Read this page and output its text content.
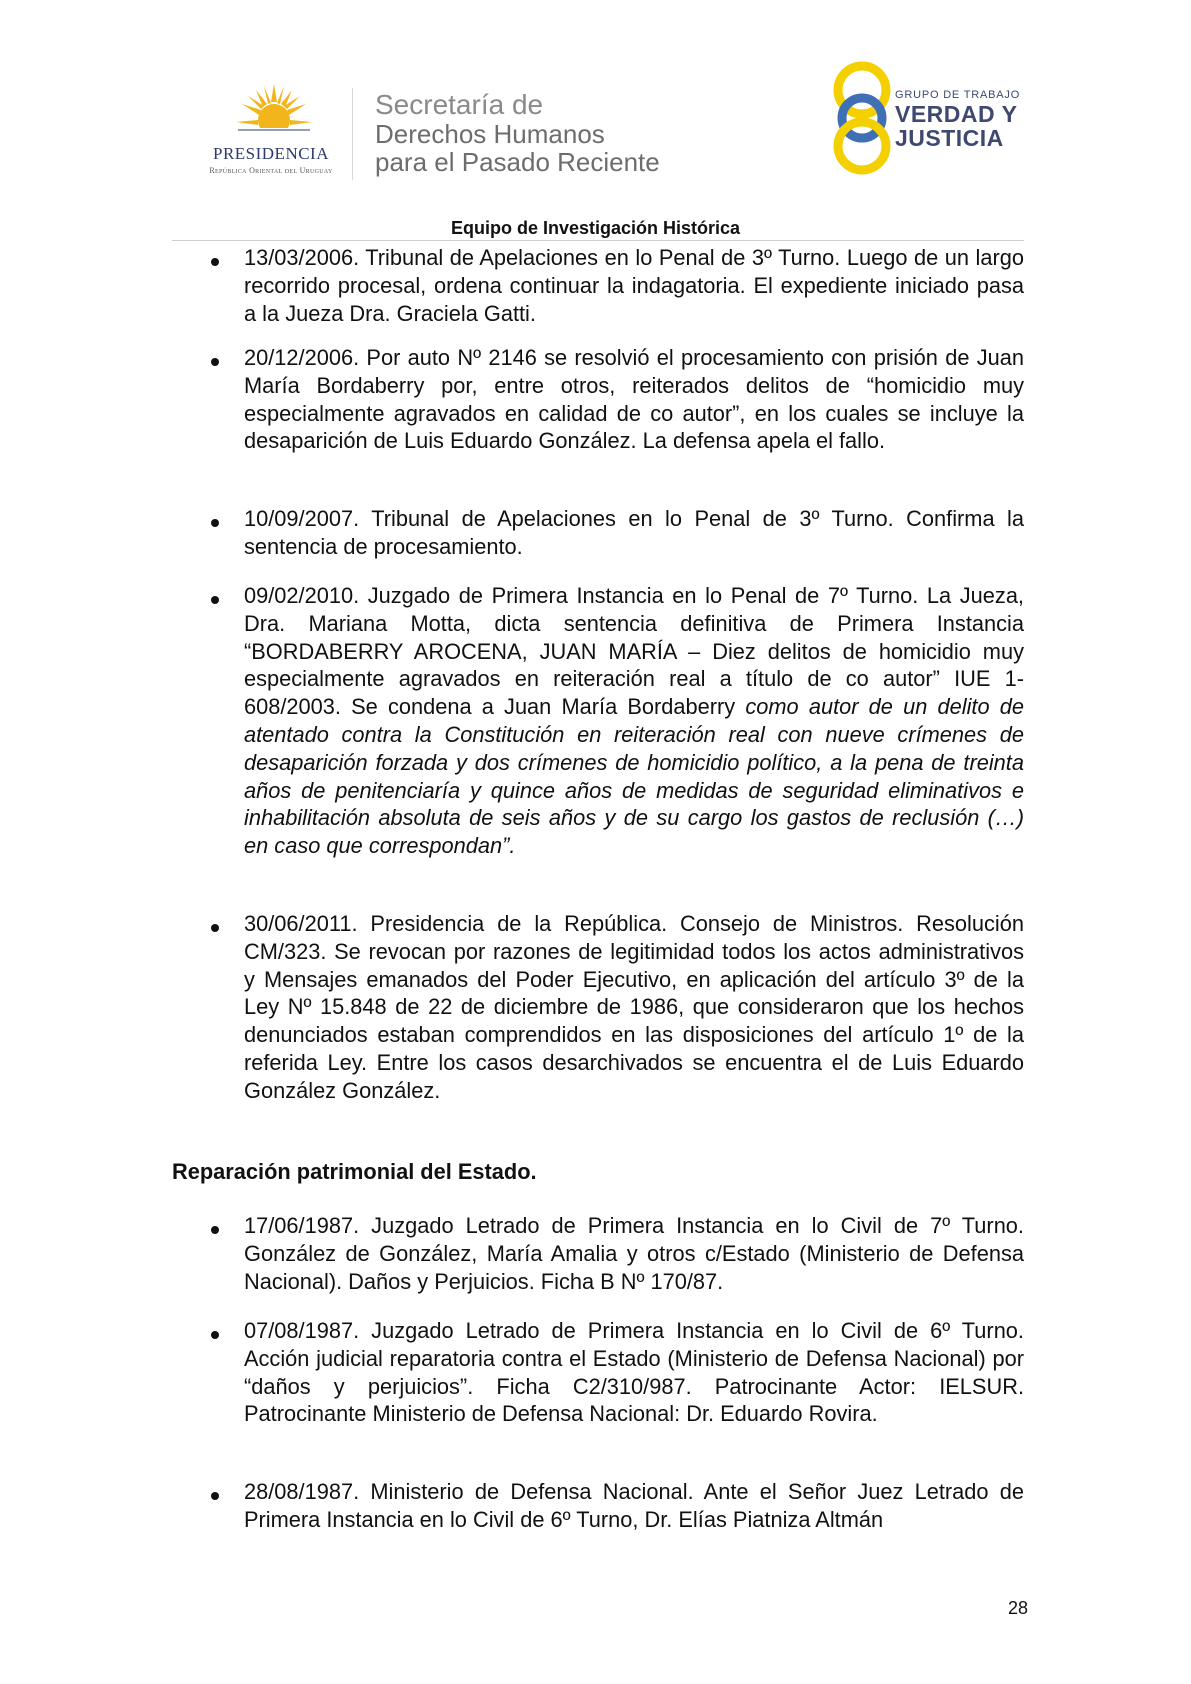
PRESIDENCIA
República Oriental del Uruguay
Secretaría de
Derechos Humanos
para el Pasado Reciente
GRUPO DE TRABAJO
VERDAD Y
JUSTICIA
Equipo de Investigación Histórica
13/03/2006. Tribunal de Apelaciones en lo Penal de 3º Turno. Luego de un largo recorrido procesal, ordena continuar la indagatoria. El expediente iniciado pasa a la Jueza Dra. Graciela Gatti.
20/12/2006. Por auto Nº 2146 se resolvió el procesamiento con prisión de Juan María Bordaberry por, entre otros, reiterados delitos de “homicidio muy especialmente agravados en calidad de co autor”, en los cuales se incluye la desaparición de Luis Eduardo González. La defensa apela el fallo.
10/09/2007. Tribunal de Apelaciones en lo Penal de 3º Turno. Confirma la sentencia de procesamiento.
09/02/2010. Juzgado de Primera Instancia en lo Penal de 7º Turno. La Jueza, Dra. Mariana Motta, dicta sentencia definitiva de Primera Instancia “BORDABERRY AROCENA, JUAN MARÍA – Diez delitos de homicidio muy especialmente agravados en reiteración real a título de co autor” IUE 1-608/2003. Se condena a Juan María Bordaberry como autor de un delito de atentado contra la Constitución en reiteración real con nueve crímenes de desaparición forzada y dos crímenes de homicidio político, a la pena de treinta años de penitenciaría y quince años de medidas de seguridad eliminativos e inhabilitación absoluta de seis años y de su cargo los gastos de reclusión (…) en caso que correspondan”.
30/06/2011. Presidencia de la República. Consejo de Ministros. Resolución CM/323. Se revocan por razones de legitimidad todos los actos administrativos y Mensajes emanados del Poder Ejecutivo, en aplicación del artículo 3º de la Ley Nº 15.848 de 22 de diciembre de 1986, que consideraron que los hechos denunciados estaban comprendidos en las disposiciones del artículo 1º de la referida Ley. Entre los casos desarchivados se encuentra el de Luis Eduardo González González.
Reparación patrimonial del Estado.
17/06/1987. Juzgado Letrado de Primera Instancia en lo Civil de 7º Turno. González de González, María Amalia y otros c/Estado (Ministerio de Defensa Nacional). Daños y Perjuicios. Ficha B Nº 170/87.
07/08/1987. Juzgado Letrado de Primera Instancia en lo Civil de 6º Turno. Acción judicial reparatoria contra el Estado (Ministerio de Defensa Nacional) por “daños y perjuicios”. Ficha C2/310/987. Patrocinante Actor: IELSUR. Patrocinante Ministerio de Defensa Nacional: Dr. Eduardo Rovira.
28/08/1987. Ministerio de Defensa Nacional. Ante el Señor Juez Letrado de Primera Instancia en lo Civil de 6º Turno, Dr. Elías Piatniza Altmán
28
